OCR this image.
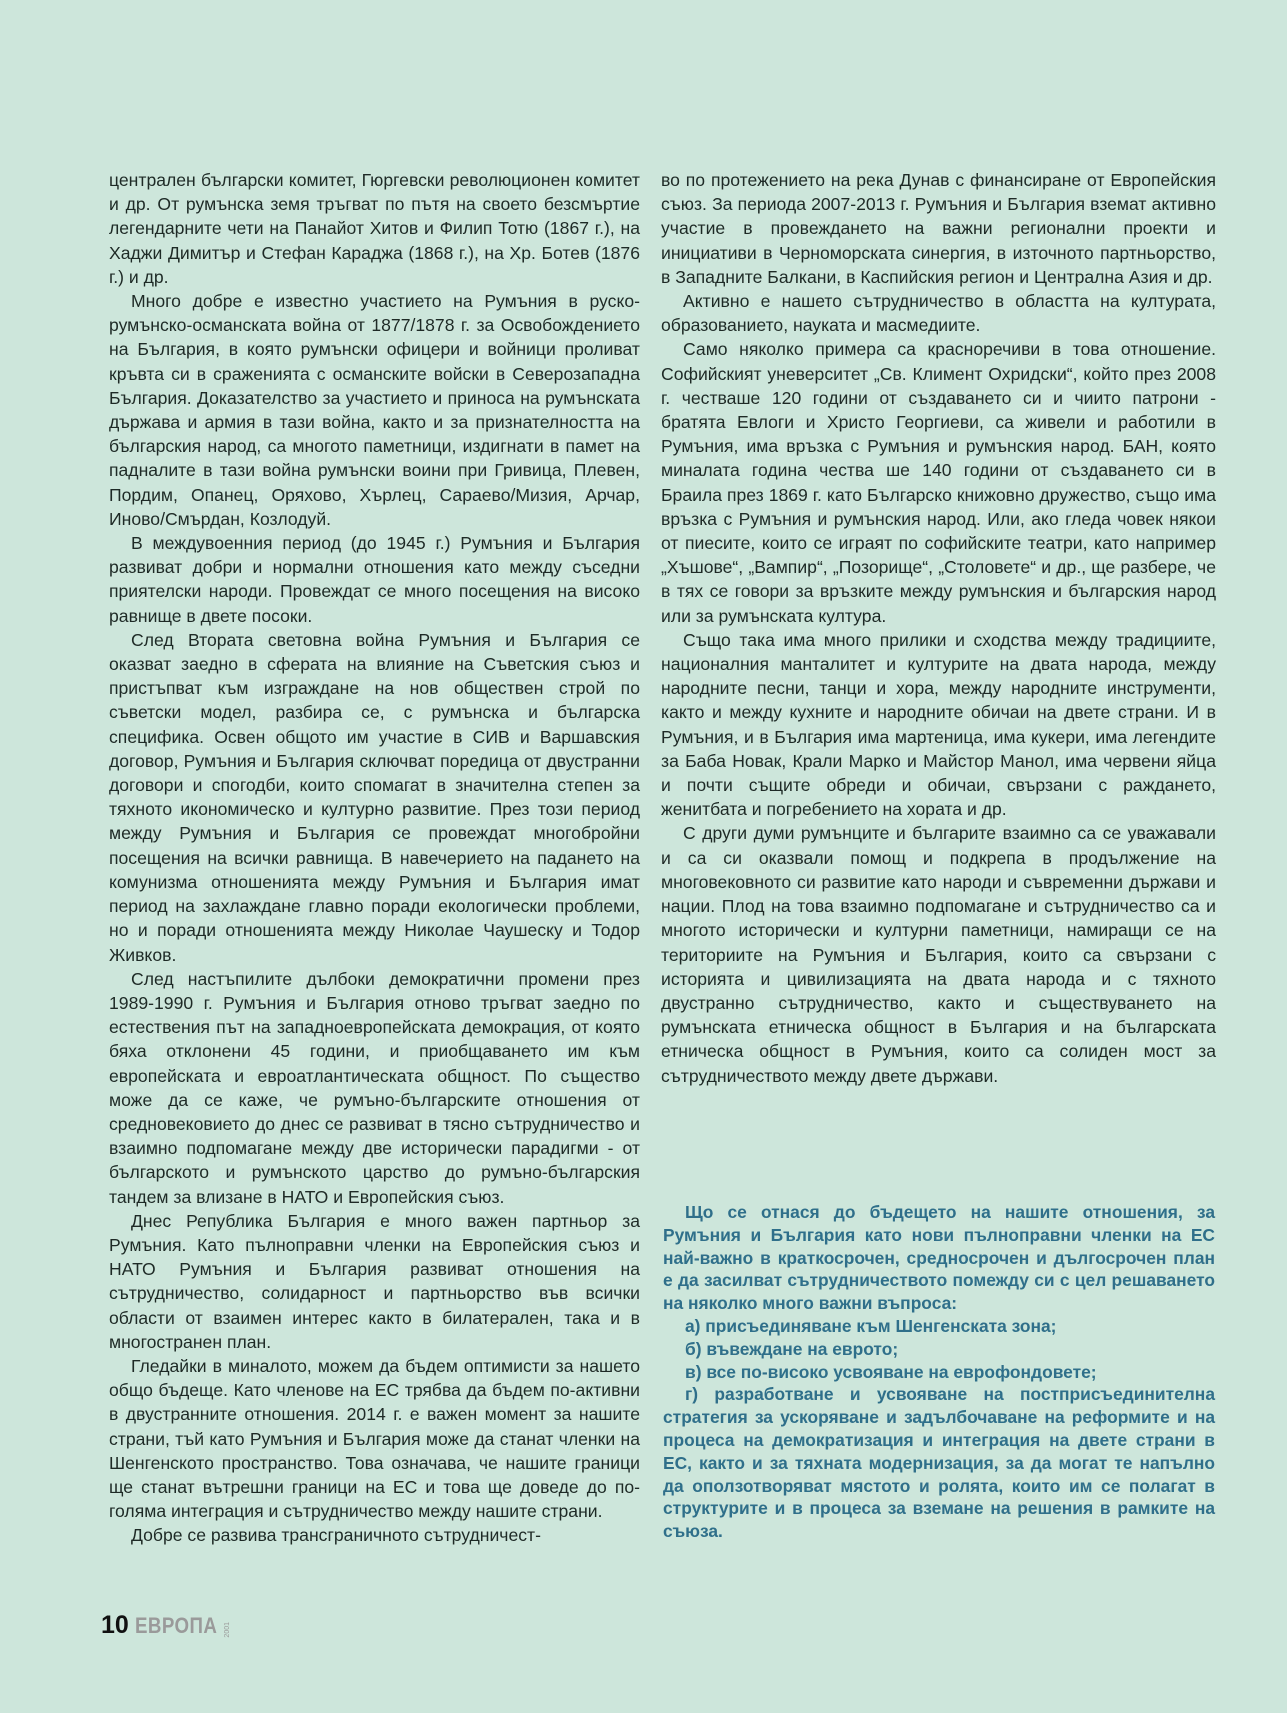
централен български комитет, Гюргевски революционен комитет и др. От румънска земя тръгват по пътя на своето безсмъртие легендарните чети на Панайот Хитов и Филип Тотю (1867 г.), на Хаджи Димитър и Стефан Караджа (1868 г.), на Хр. Ботев (1876 г.) и др.

Много добре е известно участието на Румъния в руско-румънско-османската война от 1877/1878 г. за Освобождението на България, в която румънски офицери и войници проливат кръвта си в сраженията с османските войски в Северозападна България. Доказателство за участието и приноса на румънската държава и армия в тази война, както и за признателността на българския народ, са многото паметници, издигнати в памет на падналите в тази война румънски воини при Гривица, Плевен, Пордим, Опанец, Оряхово, Хърлец, Сараево/Мизия, Арчар, Иново/Смърдан, Козлодуй.

В междувоенния период (до 1945 г.) Румъния и България развиват добри и нормални отношения като между съседни приятелски народи. Провеждат се много посещения на високо равнище в двете посоки.

След Втората световна война Румъния и България се оказват заедно в сферата на влияние на Съветския съюз и пристъпват към изграждане на нов обществен строй по съветски модел, разбира се, с румънска и българска специфика. Освен общото им участие в СИВ и Варшавския договор, Румъния и България сключват поредица от двустранни договори и спогодби, които спомагат в значителна степен за тяхното икономическо и културно развитие. През този период между Румъния и България се провеждат многобройни посещения на всички равнища. В навечерието на падането на комунизма отношенията между Румъния и България имат период на захлаждане главно поради екологически проблеми, но и поради отношенията между Николае Чаушеску и Тодор Живков.

След настъпилите дълбоки демократични промени през 1989-1990 г. Румъния и България отново тръгват заедно по естествения път на западноевропейската демокрация, от която бяха отклонени 45 години, и приобщаването им към европейската и евроатлантическата общност. По същество може да се каже, че румъно-българските отношения от средновековието до днес се развиват в тясно сътрудничество и взаимно подпомагане между две исторически парадигми - от българското и румънското царство до румъно-българския тандем за влизане в НАТО и Европейския съюз.

Днес Република България е много важен партньор за Румъния. Като пълноправни членки на Европейския съюз и НАТО Румъния и България развиват отношения на сътрудничество, солидарност и партньорство във всички области от взаимен интерес както в билатерален, така и в многостранен план.

Гледайки в миналото, можем да бъдем оптимисти за нашето общо бъдеще. Като членове на ЕС трябва да бъдем по-активни в двустранните отношения. 2014 г. е важен момент за нашите страни, тъй като Румъния и България може да станат членки на Шенгенското пространство. Това означава, че нашите граници ще станат вътрешни граници на ЕС и това ще доведе до по-голяма интеграция и сътрудничество между нашите страни.

Добре се развива трансграничното сътрудничест-

во по протежението на река Дунав с финансиране от Европейския съюз. За периода 2007-2013 г. Румъния и България вземат активно участие в провеждането на важни регионални проекти и инициативи в Черноморската синергия, в източното партньорство, в Западните Балкани, в Каспийския регион и Централна Азия и др.

Активно е нашето сътрудничество в областта на културата, образованието, науката и масмедиите.

Само няколко примера са красноречиви в това отношение. Софийският уневерситет „Св. Климент Охридски“, който през 2008 г. честваше 120 години от създаването си и чиито патрони - братята Евлоги и Христо Георгиеви, са живели и работили в Румъния, има връзка с Румъния и румънския народ. БАН, която миналата година чества ше 140 години от създаването си в Браила през 1869 г. като Българско книжовно дружество, също има връзка с Румъния и румънския народ. Или, ако гледа човек някои от пиесите, които се играят по софийските театри, като например „Хъшове“, „Вампир“, „Позорище“, „Столовете“ и др., ще разбере, че в тях се говори за връзките между румънския и българския народ или за румънската култура.

Също така има много прилики и сходства между традициите, националния манталитет и културите на двата народа, между народните песни, танци и хора, между народните инструменти, както и между кухните и народните обичаи на двете страни. И в Румъния, и в България има мартеница, има кукери, има легендите за Баба Новак, Крали Марко и Майстор Манол, има червени яйца и почти същите обреди и обичаи, свързани с раждането, женитбата и погребението на хората и др.

С други думи румънците и българите взаимно са се уважавали и са си оказвали помощ и подкрепа в продължение на многовековното си развитие като народи и съвременни държави и нации. Плод на това взаимно подпомагане и сътрудничество са и многото исторически и културни паметници, намиращи се на териториите на Румъния и България, които са свързани с историята и цивилизацията на двата народа и с тяхното двустранно сътрудничество, както и съществуването на румънската етническа общност в България и на българската етническа общност в Румъния, които са солиден мост за сътрудничеството между двете държави.

Що се отнася до бъдещето на нашите отношения, за Румъния и България като нови пълноправни членки на ЕС най-важно в краткосрочен, средносрочен и дългосрочен план е да засилват сътрудничеството помежду си с цел решаването на няколко много важни въпроса:

а) присъединяване към Шенгенската зона;

б) въвеждане на еврото;

в) все по-високо усвояване на еврофондовете;

г) разработване и усвояване на постприсъединителна стратегия за ускоряване и задълбочаване на реформите и на процеса на демократизация и интеграция на двете страни в ЕС, както и за тяхната модернизация, за да могат те напълно да оползотворяват мястото и ролята, които им се полагат в структурите и в процеса за вземане на решения в рамките на съюза.

10 ЕВРОПА 2001
